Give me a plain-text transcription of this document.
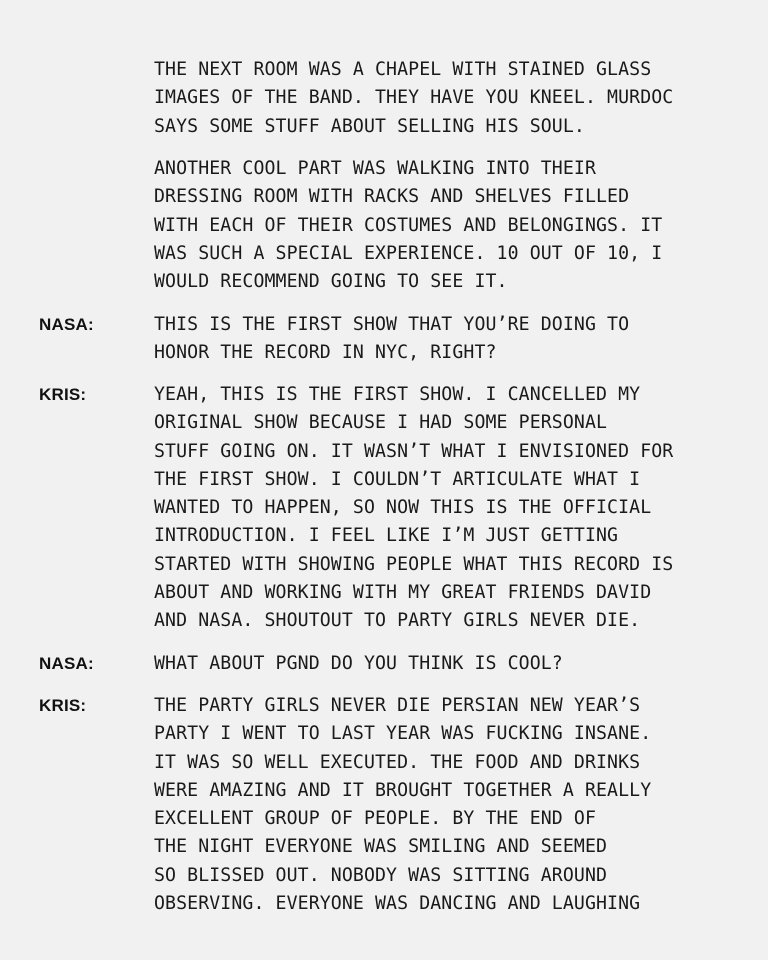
THE NEXT ROOM WAS A CHAPEL WITH STAINED GLASS
IMAGES OF THE BAND. THEY HAVE YOU KNEEL. MURDOC
SAYS SOME STUFF ABOUT SELLING HIS SOUL.
ANOTHER COOL PART WAS WALKING INTO THEIR
DRESSING ROOM WITH RACKS AND SHELVES FILLED
WITH EACH OF THEIR COSTUMES AND BELONGINGS. IT
WAS SUCH A SPECIAL EXPERIENCE. 10 OUT OF 10, I
WOULD RECOMMEND GOING TO SEE IT.
NASA:	THIS IS THE FIRST SHOW THAT YOU’RE DOING TO
HONOR THE RECORD IN NYC, RIGHT?
KRIS:	YEAH, THIS IS THE FIRST SHOW. I CANCELLED MY
ORIGINAL SHOW BECAUSE I HAD SOME PERSONAL
STUFF GOING ON. IT WASN’T WHAT I ENVISIONED FOR
THE FIRST SHOW. I COULDN’T ARTICULATE WHAT I
WANTED TO HAPPEN, SO NOW THIS IS THE OFFICIAL
INTRODUCTION. I FEEL LIKE I’M JUST GETTING
STARTED WITH SHOWING PEOPLE WHAT THIS RECORD IS
ABOUT AND WORKING WITH MY GREAT FRIENDS DAVID
AND NASA. SHOUTOUT TO PARTY GIRLS NEVER DIE.
NASA:	WHAT ABOUT PGND DO YOU THINK IS COOL?
KRIS:	THE PARTY GIRLS NEVER DIE PERSIAN NEW YEAR’S
PARTY I WENT TO LAST YEAR WAS FUCKING INSANE.
IT WAS SO WELL EXECUTED. THE FOOD AND DRINKS
WERE AMAZING AND IT BROUGHT TOGETHER A REALLY
EXCELLENT GROUP OF PEOPLE. BY THE END OF
THE NIGHT EVERYONE WAS SMILING AND SEEMED
SO BLISSED OUT. NOBODY WAS SITTING AROUND
OBSERVING. EVERYONE WAS DANCING AND LAUGHING
